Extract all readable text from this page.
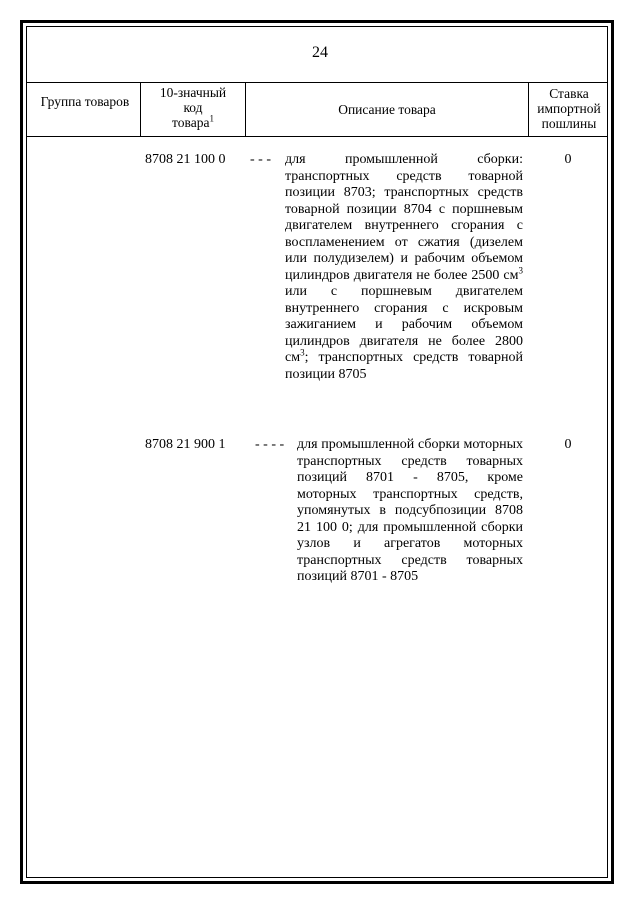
24
Группа товаров
10-значный
код
товара$^1$
Описание товара
Ставка импортной пошлины
8708 21 100 0 - - - для промышленной сборки: транспортных средств товарной позиции 8703; транспортных средств товарной позиции 8704 с поршневым двигателем внутреннего сгорания с воспламенением от сжатия (дизелем или полудизелем) и рабочим объемом цилиндров двигателя не более 2500 $см^3$ или с поршневым двигателем внутреннего сгорания с искровым зажиганием и рабочим объемом цилиндров двигателя не более 2800 $см^3$; транспортных средств товарной позиции 8705
0
8708 21 900 1 - - - - для промышленной сборки моторных транспортных средств товарных позиций 8701 - 8705, кроме моторных транспортных средств, упомянутых в подсубпозиции 8708 21 100 0; для промышленной сборки узлов и агрегатов моторных транспортных средств товарных позиций 8701 - 8705
0
